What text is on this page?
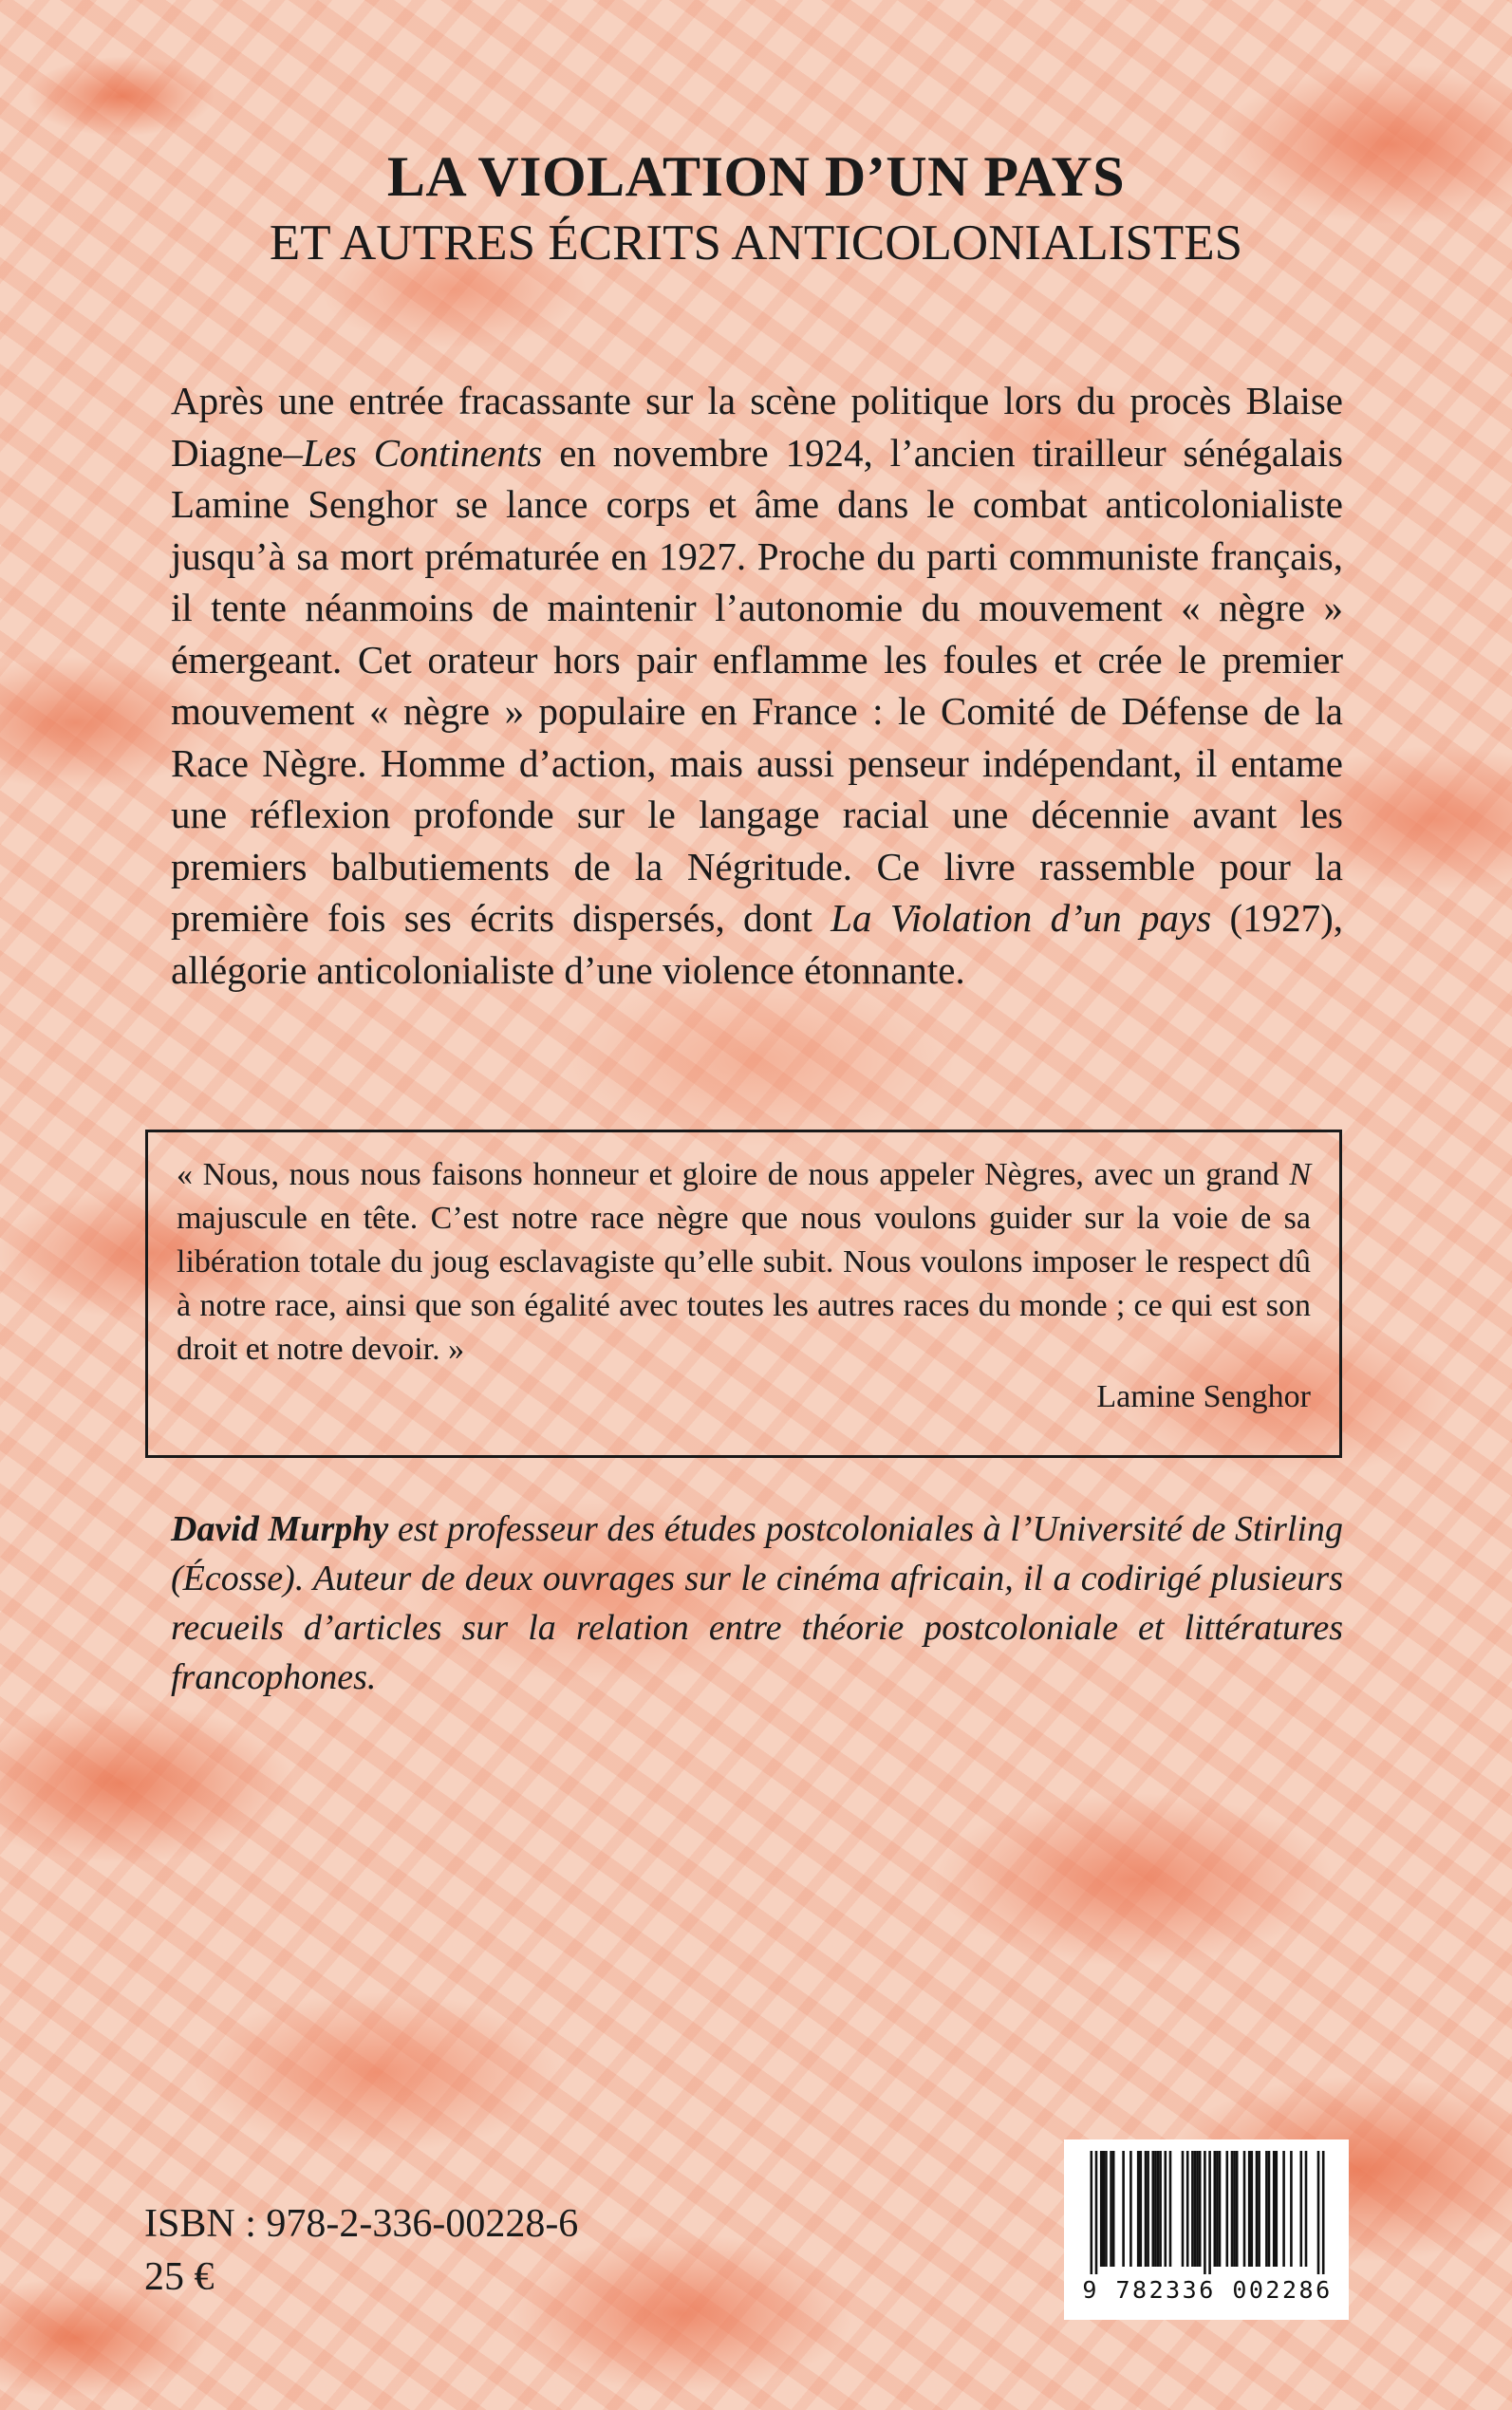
LA VIOLATION D’UN PAYS
ET AUTRES ÉCRITS ANTICOLONIALISTES
Après une entrée fracassante sur la scène politique lors du procès Blaise Diagne–Les Continents en novembre 1924, l’ancien tirailleur sénégalais Lamine Senghor se lance corps et âme dans le combat anticolonialiste jusqu’à sa mort prématurée en 1927. Proche du parti communiste français, il tente néanmoins de maintenir l’autonomie du mouvement « nègre » émergeant. Cet orateur hors pair enflamme les foules et crée le premier mouvement « nègre » populaire en France : le Comité de Défense de la Race Nègre. Homme d’action, mais aussi penseur indépendant, il entame une réflexion profonde sur le langage racial une décennie avant les premiers balbutiements de la Négritude. Ce livre rassemble pour la première fois ses écrits dispersés, dont La Violation d’un pays (1927), allégorie anticolonialiste d’une violence étonnante.

« Nous, nous nous faisons honneur et gloire de nous appeler Nègres, avec un grand N majuscule en tête. C’est notre race nègre que nous voulons guider sur la voie de sa libération totale du joug esclavagiste qu’elle subit. Nous voulons imposer le respect dû à notre race, ainsi que son égalité avec toutes les autres races du monde ; ce qui est son droit et notre devoir. »

Lamine Senghor
David Murphy est professeur des études postcoloniales à l’Université de Stirling (Écosse). Auteur de deux ouvrages sur le cinéma africain, il a codirigé plusieurs recueils d’articles sur la relation entre théorie postcoloniale et littératures francophones.
ISBN : 978-2-336-00228-6
25 €	9 782336 002286
